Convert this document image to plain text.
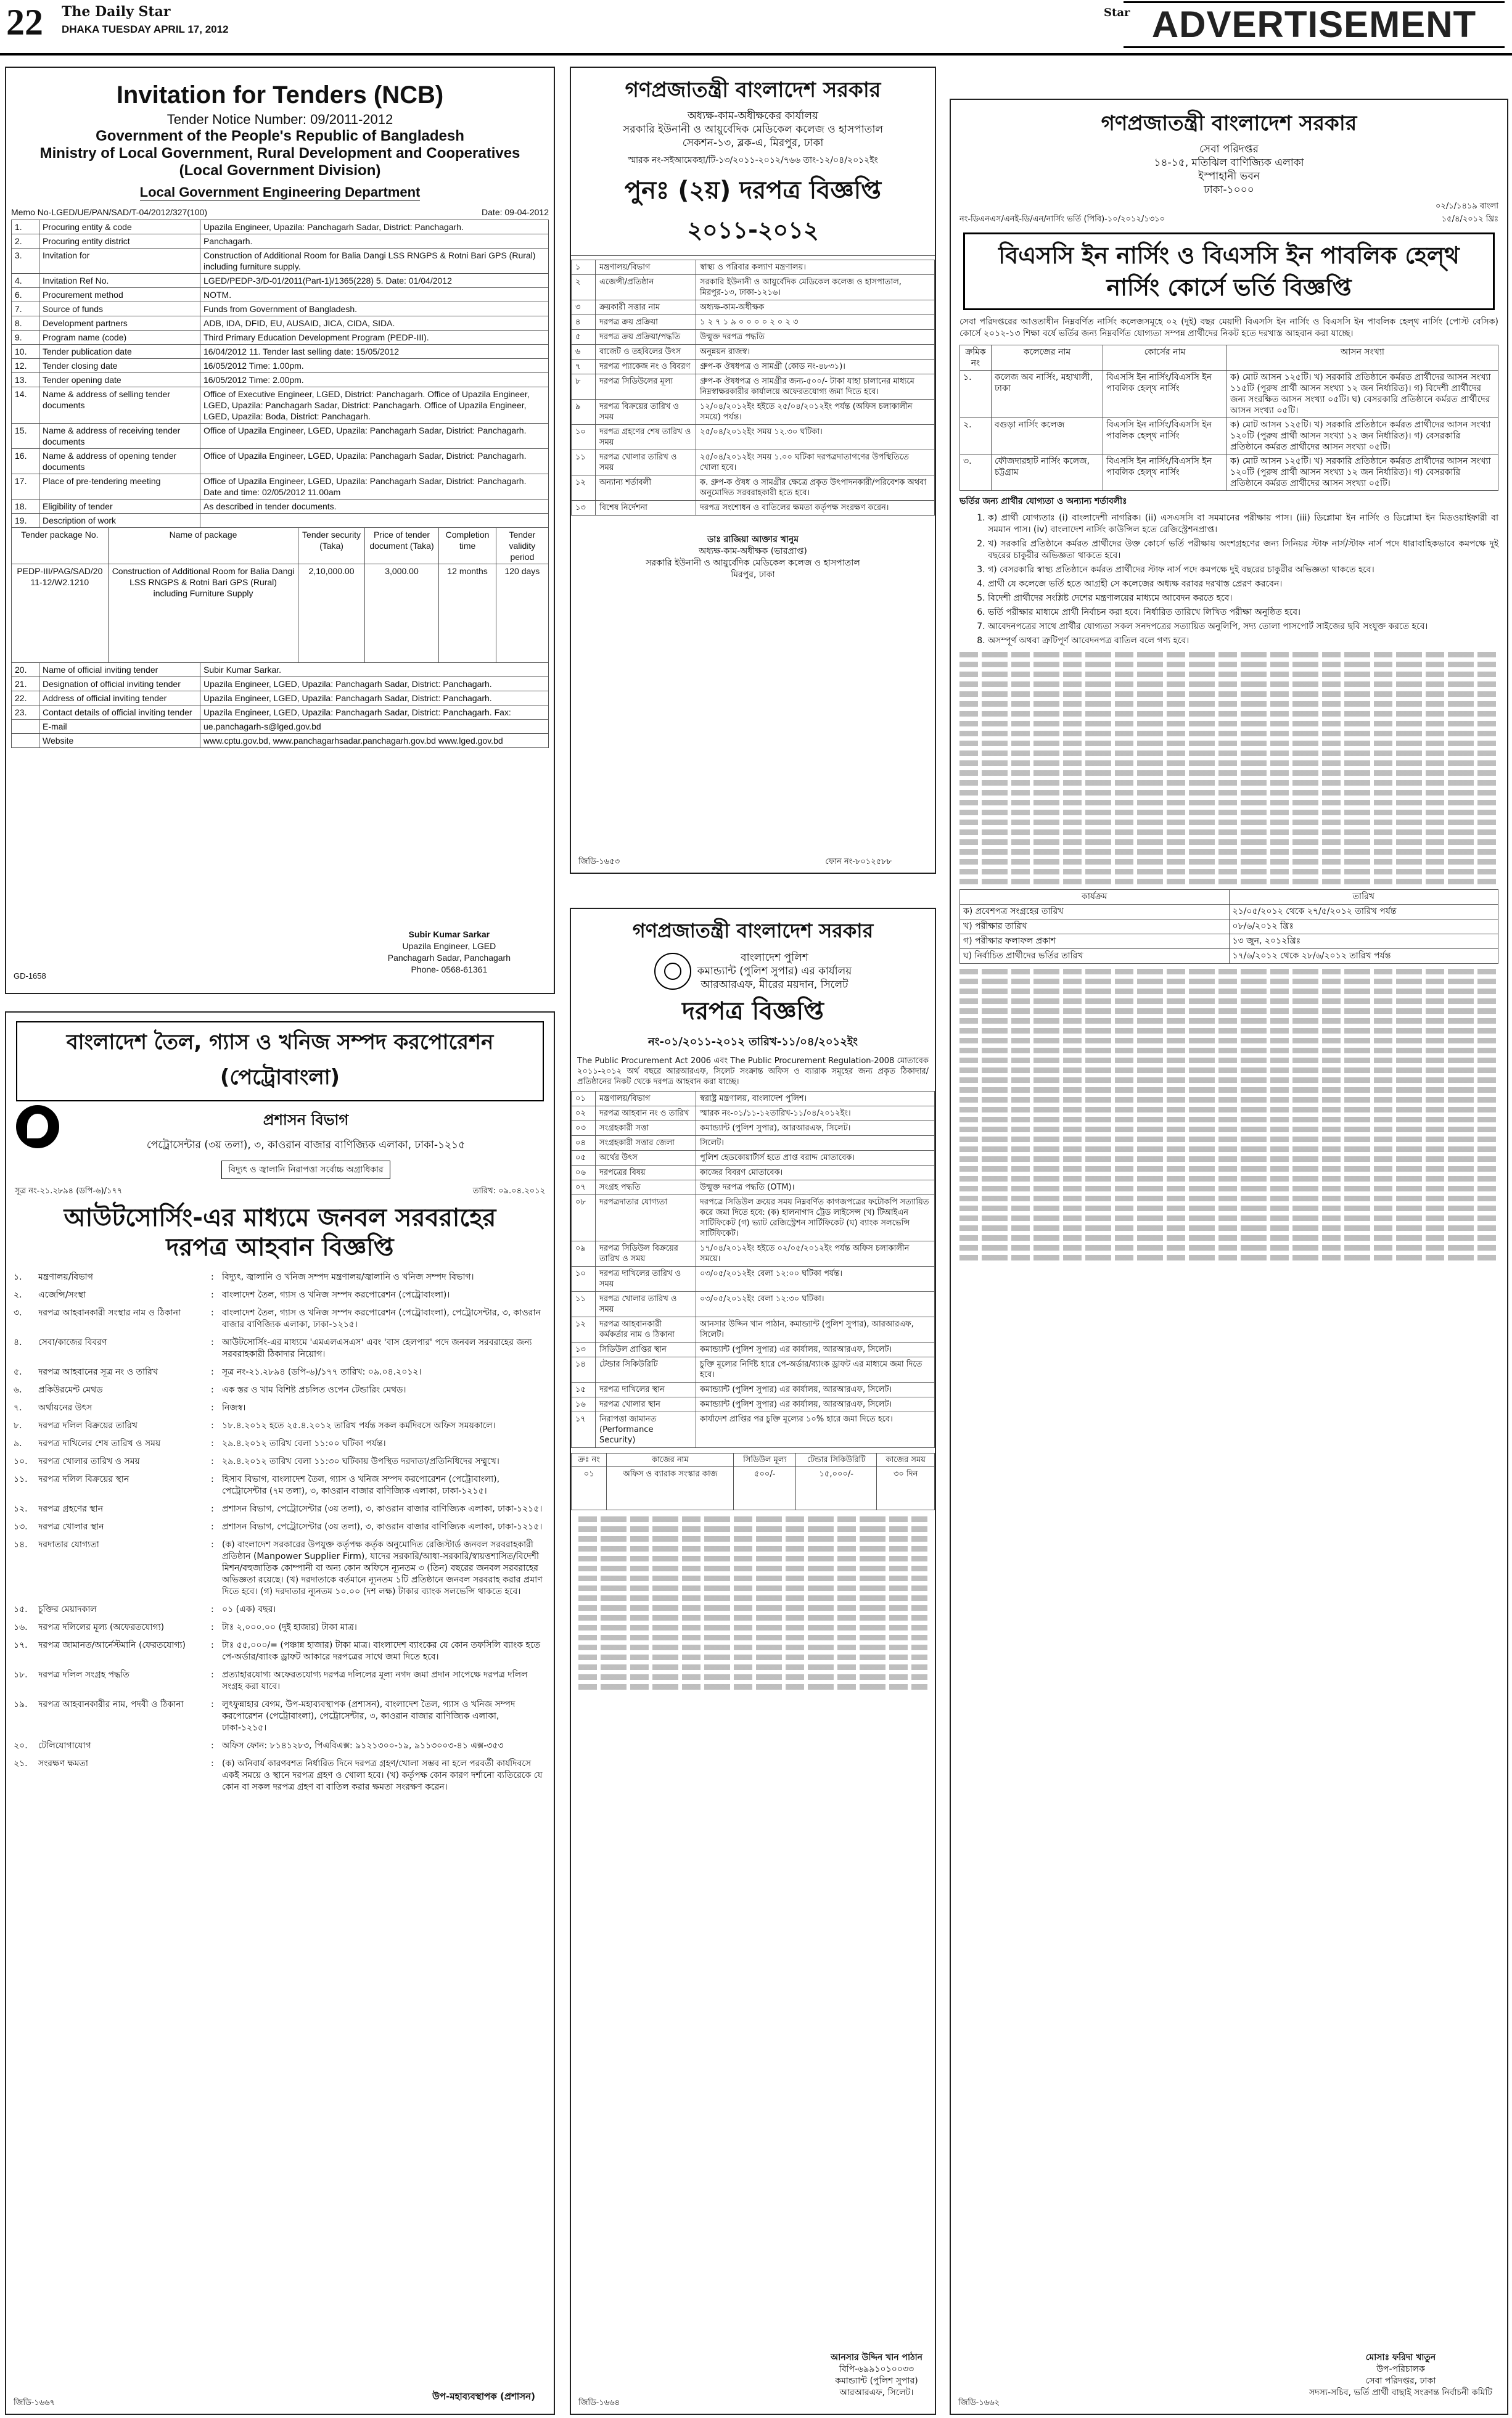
22 The Daily Star
DHAKA TUESDAY APRIL 17, 2012
Star ADVERTISEMENT
Invitation for Tenders (NCB)
Tender Notice Number: 09/2011-2012
Government of the People's Republic of Bangladesh
Ministry of Local Government, Rural Development and Cooperatives
(Local Government Division)
Local Government Engineering Department
Memo No-LGED/UE/PAN/SAD/T-04/2012/327(100)	Date: 09-04-2012
1.	Procuring entity & code	Upazila Engineer, Upazila: Panchagarh Sadar, District: Panchagarh.
2.	Procuring entity district	Panchagarh.
3.	Invitation for	Construction of Additional Room for Balia Dangi LSS RNGPS & Rotni Bari GPS (Rural) including furniture supply.
4.	Invitation Ref No.	LGED/PEDP-3/D-01/2011(Part-1)/1365(228) 5. Date: 01/04/2012
6.	Procurement method	NOTM.
7.	Source of funds	Funds from Government of Bangladesh.
8.	Development partners	ADB, IDA, DFID, EU, AUSAID, JICA, CIDA, SIDA.
9.	Program name (code)	Third Primary Education Development Program (PEDP-III).
10.	Tender publication date	16/04/2012 11. Tender last selling date: 15/05/2012
12.	Tender closing date	16/05/2012 Time: 1.00pm.
13.	Tender opening date	16/05/2012 Time: 2.00pm.
14.	Name & address of selling tender documents	Office of Executive Engineer, LGED, District: Panchagarh. Office of Upazila Engineer, LGED, Upazila: Panchagarh Sadar, District: Panchagarh. Office of Upazila Engineer, LGED, Upazila: Boda, District: Panchagarh.
15.	Name & address of receiving tender documents	Office of Upazila Engineer, LGED, Upazila: Panchagarh Sadar, District: Panchagarh.
16.	Name & address of opening tender documents	Office of Upazila Engineer, LGED, Upazila: Panchagarh Sadar, District: Panchagarh.
17.	Place of pre-tendering meeting	Office of Upazila Engineer, LGED, Upazila: Panchagarh Sadar, District: Panchagarh. Date and time: 02/05/2012 11.00am
18.	Eligibility of tender	As described in tender documents.
19.	Description of work	
Tender package No.	Name of package	Tender security (Taka)	Price of tender document (Taka)	Completion time	Tender validity period
PEDP-III/PAG/SAD/20 11-12/W2.1210	Construction of Additional Room for Balia Dangi LSS RNGPS & Rotni Bari GPS (Rural) including Furniture Supply	2,10,000.00	3,000.00	12 months	120 days
20.	Name of official inviting tender	Subir Kumar Sarkar.
21.	Designation of official inviting tender	Upazila Engineer, LGED, Upazila: Panchagarh Sadar, District: Panchagarh.
22.	Address of official inviting tender	Upazila Engineer, LGED, Upazila: Panchagarh Sadar, District: Panchagarh.
23.	Contact details of official inviting tender	Upazila Engineer, LGED, Upazila: Panchagarh Sadar, District: Panchagarh. Fax:
	E-mail	ue.panchagarh-s@lged.gov.bd
	Website	www.cptu.gov.bd, www.panchagarhsadar.panchagarh.gov.bd www.lged.gov.bd
Subir Kumar Sarkar
Upazila Engineer, LGED
Panchagarh Sadar, Panchagarh
Phone- 0568-61361
GD-1658
গণপ্রজাতন্ত্রী বাংলাদেশ সরকার
অধ্যক্ষ-কাম-অধীক্ষকের কার্যালয়
সরকারি ইউনানী ও আয়ুর্বেদিক মেডিকেল কলেজ ও হাসপাতাল
সেকশন-১৩, ব্লক-এ, মিরপুর, ঢাকা
স্মারক নং-সইআমেকহা/টি-১৩/২০১১-২০১২/৭৬৬ তাং-১২/০৪/২০১২ইং
পুনঃ (২য়) দরপত্র বিজ্ঞপ্তি
২০১১-২০১২
১	মন্ত্রণালয়/বিভাগ	স্বাস্থ্য ও পরিবার কল্যাণ মন্ত্রণালয়।
২	এজেন্সী/প্রতিষ্ঠান	সরকারি ইউনানী ও আয়ুর্বেদিক মেডিকেল কলেজ ও হাসপাতাল, মিরপুর-১৩, ঢাকা-১২১৬।
৩	ক্রয়কারী সত্তার নাম	অধ্যক্ষ-কাম-অধীক্ষক
৪	দরপত্র ক্রয় প্রক্রিয়া	১ ২ ৭ ১ ৯ ০ ০ ০ ০ ২ ০ ২ ৩
৫	দরপত্র ক্রয় প্রক্রিয়া/পদ্ধতি	উন্মুক্ত দরপত্র পদ্ধতি
৬	বাজেট ও তহবিলের উৎস	অনুন্নয়ন রাজস্ব।
৭	দরপত্র প্যাকেজ নং ও বিবরণ	গ্রুপ-ক ঔষধপত্র ও সামগ্রী (কোড নং-৪৮৩১)।
৮	দরপত্র সিডিউলের মূল্য	গ্রুপ-ক ঔষধপত্র ও সামগ্রীর জন্য-৫০০/- টাকা যাহা চালানের মাধ্যমে নিম্নস্বাক্ষরকারীর কার্যালয়ে অফেরতযোগ্য জমা দিতে হবে।
৯	দরপত্র বিক্রয়ের তারিখ ও সময়	১২/০৪/২০১২ইং হইতে ২৫/০৪/২০১২ইং পর্যন্ত (অফিস চলাকালীন সময়ে) পর্যন্ত।
১০	দরপত্র গ্রহণের শেষ তারিখ ও সময়	২৫/০৪/২০১২ইং সময় ১২.৩০ ঘটিকা।
১১	দরপত্র খোলার তারিখ ও সময়	২৫/০৪/২০১২ইং সময় ১.০০ ঘটিকা দরপত্রদাতাগণের উপস্থিতিতে খোলা হবে।
১২	অন্যান্য শর্তাবলী	ক. গ্রুপ-ক ঔষধ ও সামগ্রীর ক্ষেত্রে প্রকৃত উৎপাদনকারী/পরিবেশক অথবা অনুমোদিত সরবরাহকারী হতে হবে।
১৩	বিশেষ নির্দেশনা	দরপত্র সংশোধন ও বাতিলের ক্ষমতা কর্তৃপক্ষ সংরক্ষণ করেন।
ডাঃ রাজিয়া আক্তার খানুম
অধ্যক্ষ-কাম-অধীক্ষক (ভারপ্রাপ্ত)
সরকারি ইউনানী ও আয়ুর্বেদিক মেডিকেল কলেজ ও হাসপাতাল
মিরপুর, ঢাকা
জিডি-১৬৫৩	ফোন নং-৮০১২৫৮৮
গণপ্রজাতন্ত্রী বাংলাদেশ সরকার
বাংলাদেশ পুলিশ
কমান্ড্যান্ট (পুলিশ সুপার) এর কার্যালয়
আরআরএফ, মীরের ময়দান, সিলেট
দরপত্র বিজ্ঞপ্তি
নং-০১/২০১১-২০১২ তারিখ-১১/০৪/২০১২ইং
The Public Procurement Act 2006 এবং The Public Procurement Regulation-2008 মোতাবেক ২০১১-২০১২ অর্থ বছরে আরআরএফ, সিলেট সংক্রান্ত অফিস ও ব্যারাক সমূহের জন্য প্রকৃত ঠিকাদার/প্রতিষ্ঠানের নিকট থেকে দরপত্র আহবান করা যাচ্ছে।
০১	মন্ত্রণালয়/বিভাগ	স্বরাষ্ট্র মন্ত্রণালয়, বাংলাদেশ পুলিশ।
০২	দরপত্র আহবান নং ও তারিখ	স্মারক নং-০১/১১-১২তারিখ-১১/০৪/২০১২ইং।
০৩	সংগ্রহকারী সত্তা	কমান্ড্যান্ট (পুলিশ সুপার), আরআরএফ, সিলেট।
০৪	সংগ্রহকারী সত্তার জেলা	সিলেট।
০৫	অর্থের উৎস	পুলিশ হেডকোয়ার্টার্স হতে প্রাপ্ত বরাদ্দ মোতাবেক।
০৬	দরপত্রের বিষয়	কাজের বিবরণ মোতাবেক।
০৭	সংগ্রহ পদ্ধতি	উন্মুক্ত দরপত্র পদ্ধতি (OTM)।
০৮	দরপত্রদাতার যোগ্যতা	দরপত্রে সিডিউল ক্রয়ের সময় নিম্নবর্ণিত কাগজপত্রের ফটোকপি সত্যায়িত করে জমা দিতে হবে: (ক) হালনাগাদ ট্রেড লাইসেন্স (খ) টিআইএন সার্টিফিকেট (গ) ভ্যাট রেজিস্ট্রেশন সার্টিফিকেট (ঘ) ব্যাংক সলভেন্সি সার্টিফিকেট।
০৯	দরপত্র সিডিউল বিক্রয়ের তারিখ ও সময়	১৭/০৪/২০১২ইং হইতে ০২/০৫/২০১২ইং পর্যন্ত অফিস চলাকালীন সময়ে।
১০	দরপত্র দাখিলের তারিখ ও সময়	০৩/০৫/২০১২ইং বেলা ১২:০০ ঘটিকা পর্যন্ত।
১১	দরপত্র খোলার তারিখ ও সময়	০৩/০৫/২০১২ইং বেলা ১২:৩০ ঘটিকা।
১২	দরপত্র আহবানকারী কর্মকর্তার নাম ও ঠিকানা	আনসার উদ্দিন খান পাঠান, কমান্ড্যান্ট (পুলিশ সুপার), আরআরএফ, সিলেট।
১৩	সিডিউল প্রাপ্তির স্থান	কমান্ড্যান্ট (পুলিশ সুপার) এর কার্যালয়, আরআরএফ, সিলেট।
১৪	টেন্ডার সিকিউরিটি	চুক্তি মূল্যের নির্দিষ্ট হারে পে-অর্ডার/ব্যাংক ড্রাফট এর মাধ্যমে জমা দিতে হবে।
১৫	দরপত্র দাখিলের স্থান	কমান্ড্যান্ট (পুলিশ সুপার) এর কার্যালয়, আরআরএফ, সিলেট।
১৬	দরপত্র খোলার স্থান	কমান্ড্যান্ট (পুলিশ সুপার) এর কার্যালয়, আরআরএফ, সিলেট।
১৭	নিরাপত্তা জামানত (Performance Security)	কার্যাদেশ প্রাপ্তির পর চুক্তি মূল্যের ১০% হারে জমা দিতে হবে।
ক্রঃ নং	কাজের নাম	সিডিউল মূল্য	টেন্ডার সিকিউরিটি	কাজের সময়
০১	অফিস ও ব্যারাক সংস্কার কাজ	৫০০/-	১৫,০০০/-	৩০ দিন
আনসার উদ্দিন খান পাঠান
বিপি-৬৯৯১০১০০৩৩
কমান্ড্যান্ট (পুলিশ সুপার)
আরআরএফ, সিলেট।
জিডি-১৬৬৪
বাংলাদেশ তৈল, গ্যাস ও খনিজ সম্পদ করপোরেশন (পেট্রোবাংলা)
প্রশাসন বিভাগ
পেট্রোসেন্টার (৩য় তলা), ৩, কাওরান বাজার বাণিজ্যিক এলাকা, ঢাকা-১২১৫
বিদ্যুৎ ও জ্বালানি নিরাপত্তা সর্বোচ্চ অগ্রাধিকার
সূত্র নং-২১.২৮৯৪ (ডপি-৬)/১৭৭	তারিখ: ০৯.০৪.২০১২
আউটসোর্সিং-এর মাধ্যমে জনবল সরবরাহের
দরপত্র আহবান বিজ্ঞপ্তি
১.	মন্ত্রণালয়/বিভাগ	: বিদ্যুৎ, জ্বালানি ও খনিজ সম্পদ মন্ত্রণালয়/জ্বালানি ও খনিজ সম্পদ বিভাগ।
২.	এজেন্সি/সংস্থা	: বাংলাদেশ তৈল, গ্যাস ও খনিজ সম্পদ করপোরেশন (পেট্রোবাংলা)।
৩.	দরপত্র আহবানকারী সংস্থার নাম ও ঠিকানা	: বাংলাদেশ তৈল, গ্যাস ও খনিজ সম্পদ করপোরেশন (পেট্রোবাংলা), পেট্রোসেন্টার, ৩, কাওরান বাজার বাণিজ্যিক এলাকা, ঢাকা-১২১৫।
৪.	সেবা/কাজের বিবরণ	: আউটসোর্সিং-এর মাধ্যমে 'এমএলএসএস' এবং 'বাস হেলপার' পদে জনবল সরবরাহের জন্য সরবরাহকারী ঠিকাদার নিয়োগ।
৫.	দরপত্র আহবানের সূত্র নং ও তারিখ	: সূত্র নং-২১.২৮৯৪ (ডপি-৬)/১৭৭ তারিখ: ০৯.০৪.২০১২।
৬.	প্রকিউরমেন্ট মেথড	: এক স্তর ও খাম বিশিষ্ট প্রচলিত ওপেন টেন্ডারিং মেথড।
৭.	অর্থায়নের উৎস	: নিজস্ব।
৮.	দরপত্র দলিল বিক্রয়ের তারিখ	: ১৮.৪.২০১২ হতে ২৫.৪.২০১২ তারিখ পর্যন্ত সকল কর্মদিবসে অফিস সময়কালে।
৯.	দরপত্র দাখিলের শেষ তারিখ ও সময়	: ২৯.৪.২০১২ তারিখ বেলা ১১:০০ ঘটিকা পর্যন্ত।
১০.	দরপত্র খোলার তারিখ ও সময়	: ২৯.৪.২০১২ তারিখ বেলা ১১:৩০ ঘটিকায় উপস্থিত দরদাতা/প্রতিনিধিদের সম্মুখে।
১১.	দরপত্র দলিল বিক্রয়ের স্থান	: হিসাব বিভাগ, বাংলাদেশ তৈল, গ্যাস ও খনিজ সম্পদ করপোরেশন (পেট্রোবাংলা), পেট্রোসেন্টার (৭ম তলা), ৩, কাওরান বাজার বাণিজ্যিক এলাকা, ঢাকা-১২১৫।
১২.	দরপত্র গ্রহণের স্থান	: প্রশাসন বিভাগ, পেট্রোসেন্টার (৩য় তলা), ৩, কাওরান বাজার বাণিজ্যিক এলাকা, ঢাকা-১২১৫।
১৩.	দরপত্র খোলার স্থান	: প্রশাসন বিভাগ, পেট্রোসেন্টার (৩য় তলা), ৩, কাওরান বাজার বাণিজ্যিক এলাকা, ঢাকা-১২১৫।
১৪.	দরদাতার যোগ্যতা	: (ক) বাংলাদেশ সরকারের উপযুক্ত কর্তৃপক্ষ কর্তৃক অনুমোদিত রেজিস্টার্ড জনবল সরবরাহকারী প্রতিষ্ঠান (Manpower Supplier Firm), যাদের সরকারি/আধা-সরকারি/স্বায়ত্তশাসিত/বিদেশী মিশন/বহুজাতিক কোম্পানী বা অন্য কোন অফিসে ন্যূনতম ৩ (তিন) বছরের জনবল সরবরাহের অভিজ্ঞতা রয়েছে। (খ) দরদাতাকে বর্তমানে ন্যূনতম ১টি প্রতিষ্ঠানে জনবল সরবরাহ করার প্রমাণ দিতে হবে। (গ) দরদাতার ন্যূনতম ১০.০০ (দশ লক্ষ) টাকার ব্যাংক সলভেন্সি থাকতে হবে।
১৫.	চুক্তির মেয়াদকাল	: ০১ (এক) বছর।
১৬.	দরপত্র দলিলের মূল্য (অফেরতযোগ্য)	: টাঃ ২,০০০.০০ (দুই হাজার) টাকা মাত্র।
১৭.	দরপত্র জামানত/আর্নেস্টমানি (ফেরতযোগ্য)	: টাঃ ৫৫,০০০/= (পঞ্চান্ন হাজার) টাকা মাত্র। বাংলাদেশ ব্যাংকের যে কোন তফসিলি ব্যাংক হতে পে-অর্ডার/ব্যাংক ড্রাফট আকারে দরপত্রের সাথে জমা দিতে হবে।
১৮.	দরপত্র দলিল সংগ্রহ পদ্ধতি	: প্রত্যাহারযোগ্য অফেরতযোগ্য দরপত্র দলিলের মূল্য নগদ জমা প্রদান সাপেক্ষে দরপত্র দলিল সংগ্রহ করা যাবে।
১৯.	দরপত্র আহবানকারীর নাম, পদবী ও ঠিকানা	: লুৎফুন্নাহার বেগম, উপ-মহাব্যবস্থাপক (প্রশাসন), বাংলাদেশ তৈল, গ্যাস ও খনিজ সম্পদ করপোরেশন (পেট্রোবাংলা), পেট্রোসেন্টার, ৩, কাওরান বাজার বাণিজ্যিক এলাকা, ঢাকা-১২১৫।
২০.	টেলিযোগাযোগ	: অফিস ফোন: ৮১৪১২৮৩, পিএবিএক্স: ৯১২১৩০০-১৯, ৯১১৩০০৩-৪১ এক্স-৩৫৩
২১.	সংরক্ষণ ক্ষমতা	: (ক) অনিবার্য কারণবশত নির্ধারিত দিনে দরপত্র গ্রহণ/খোলা সম্ভব না হলে পরবর্তী কার্যদিবসে একই সময়ে ও স্থানে দরপত্র গ্রহণ ও খোলা হবে। (খ) কর্তৃপক্ষ কোন কারণ দর্শানো ব্যতিরেকে যে কোন বা সকল দরপত্র গ্রহণ বা বাতিল করার ক্ষমতা সংরক্ষণ করেন।
উপ-মহাব্যবস্থাপক (প্রশাসন)
জিডি-১৬৬৭
গণপ্রজাতন্ত্রী বাংলাদেশ সরকার
সেবা পরিদপ্তর
১৪-১৫, মতিঝিল বাণিজ্যিক এলাকা
ইস্পাহানী ভবন
ঢাকা-১০০০
নং-ডিএনএস/এনই-ডি/এন/নার্সিং ভর্তি (পিবি)-১০/২০১২/১৩১০
০২/১/১৪১৯ বাংলা
১৫/৪/২০১২ খ্রিঃ
বিএসসি ইন নার্সিং ও বিএসসি ইন পাবলিক হেল্থ
নার্সিং কোর্সে ভর্তি বিজ্ঞপ্তি
সেবা পরিদপ্তরের আওতাধীন নিম্নবর্ণিত নার্সিং কলেজসমূহে ০২ (দুই) বছর মেয়াদী বিএসসি ইন নার্সিং ও বিএসসি ইন পাবলিক হেল্থ নার্সিং (পোস্ট বেসিক) কোর্সে ২০১২-১৩ শিক্ষা বর্ষে ভর্তির জন্য নিম্নবর্ণিত যোগ্যতা সম্পন্ন প্রার্থীদের নিকট হতে দরখাস্ত আহবান করা যাচ্ছে।
ক্রমিক নং	কলেজের নাম	কোর্সের নাম	আসন সংখ্যা
১.	কলেজ অব নার্সিং, মহাখালী, ঢাকা	বিএসসি ইন নার্সিং/বিএসসি ইন পাবলিক হেল্থ নার্সিং	ক) মোট আসন ১২৫টি। খ) সরকারি প্রতিষ্ঠানে কর্মরত প্রার্থীদের আসন সংখ্যা ১১৫টি (পুরুষ প্রার্থী আসন সংখ্যা ১২ জন নির্ধারিত)। গ) বিদেশী প্রার্থীদের জন্য সংরক্ষিত আসন সংখ্যা ০৫টি। ঘ) বেসরকারি প্রতিষ্ঠানে কর্মরত প্রার্থীদের আসন সংখ্যা ০৫টি।
২.	বগুড়া নার্সিং কলেজ	বিএসসি ইন নার্সিং/বিএসসি ইন পাবলিক হেল্থ নার্সিং	ক) মোট আসন ১২৫টি। খ) সরকারি প্রতিষ্ঠানে কর্মরত প্রার্থীদের আসন সংখ্যা ১২০টি (পুরুষ প্রার্থী আসন সংখ্যা ১২ জন নির্ধারিত)। গ) বেসরকারি প্রতিষ্ঠানে কর্মরত প্রার্থীদের আসন সংখ্যা ০৫টি।
৩.	ফৌজদারহাট নার্সিং কলেজ, চট্টগ্রাম	বিএসসি ইন নার্সিং/বিএসসি ইন পাবলিক হেল্থ নার্সিং	ক) মোট আসন ১২৫টি। খ) সরকারি প্রতিষ্ঠানে কর্মরত প্রার্থীদের আসন সংখ্যা ১২০টি (পুরুষ প্রার্থী আসন সংখ্যা ১২ জন নির্ধারিত)। গ) বেসরকারি প্রতিষ্ঠানে কর্মরত প্রার্থীদের আসন সংখ্যা ০৫টি।
ভর্তির জন্য প্রার্থীর যোগ্যতা ও অন্যান্য শর্তাবলীঃ
1. ক) প্রার্থী যোগ্যতাঃ (i) বাংলাদেশী নাগরিক। (ii) এসএসসি বা সমমানের পরীক্ষায় পাস। (iii) ডিপ্লোমা ইন নার্সিং ও ডিপ্লোমা ইন মিডওয়াইফারী বা সমমান পাস। (iv) বাংলাদেশ নার্সিং কাউন্সিল হতে রেজিস্ট্রেশনপ্রাপ্ত।
2. খ) সরকারি প্রতিষ্ঠানে কর্মরত প্রার্থীদের উক্ত কোর্সে ভর্তি পরীক্ষায় অংশগ্রহণের জন্য সিনিয়র স্টাফ নার্স/স্টাফ নার্স পদে ধারাবাহিকভাবে কমপক্ষে দুই বছরের চাকুরীর অভিজ্ঞতা থাকতে হবে।
3. গ) বেসরকারি স্বাস্থ্য প্রতিষ্ঠানে কর্মরত প্রার্থীদের স্টাফ নার্স পদে কমপক্ষে দুই বছরের চাকুরীর অভিজ্ঞতা থাকতে হবে।
4. প্রার্থী যে কলেজে ভর্তি হতে আগ্রহী সে কলেজের অধ্যক্ষ বরাবর দরখাস্ত প্রেরণ করবেন।
5. বিদেশী প্রার্থীদের সংশ্লিষ্ট দেশের মন্ত্রণালয়ের মাধ্যমে আবেদন করতে হবে।
6. ভর্তি পরীক্ষার মাধ্যমে প্রার্থী নির্বাচন করা হবে। নির্ধারিত তারিখে লিখিত পরীক্ষা অনুষ্ঠিত হবে।
7. আবেদনপত্রের সাথে প্রার্থীর যোগ্যতা সকল সনদপত্রের সত্যায়িত অনুলিপি, সদ্য তোলা পাসপোর্ট সাইজের ছবি সংযুক্ত করতে হবে।
8. অসম্পূর্ণ অথবা ত্রুটিপূর্ণ আবেদনপত্র বাতিল বলে গণ্য হবে।
কার্যক্রম	তারিখ
ক) প্রবেশপত্র সংগ্রহের তারিখ	২১/০৫/২০১২ থেকে ২৭/৫/২০১২ তারিখ পর্যন্ত
খ) পরীক্ষার তারিখ	০৮/৬/২০১২ খ্রিঃ
গ) পরীক্ষার ফলাফল প্রকাশ	১৩ জুন, ২০১২খ্রিঃ
ঘ) নির্বাচিত প্রার্থীদের ভর্তির তারিখ	১৭/৬/২০১২ থেকে ২৮/৬/২০১২ তারিখ পর্যন্ত
মোসাঃ ফরিদা খাতুন
উপ-পরিচালক
সেবা পরিদপ্তর, ঢাকা
সদস্য-সচিব, ভর্তি প্রার্থী বাছাই সংক্রান্ত নির্বাচনী কমিটি
জিডি-১৬৬২
